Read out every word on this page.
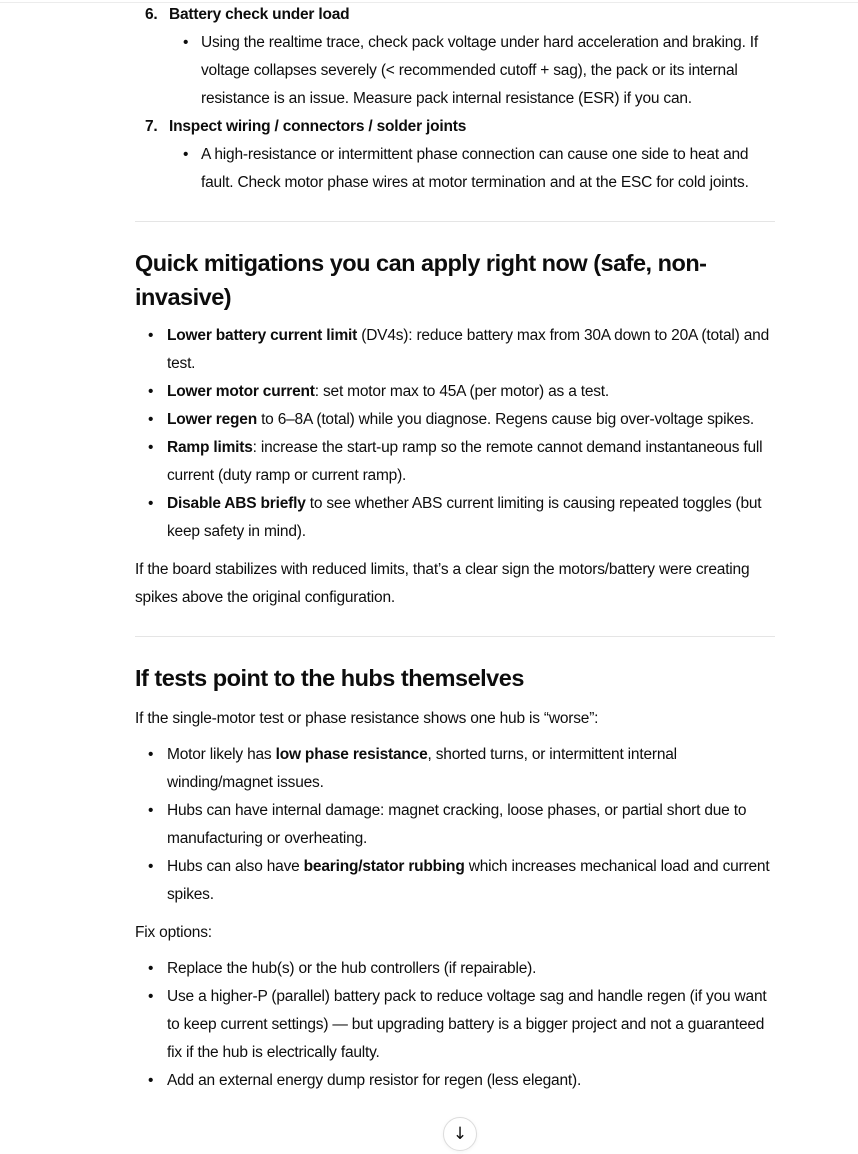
6. Battery check under load
• Using the realtime trace, check pack voltage under hard acceleration and braking. If voltage collapses severely (< recommended cutoff + sag), the pack or its internal resistance is an issue. Measure pack internal resistance (ESR) if you can.
7. Inspect wiring / connectors / solder joints
• A high-resistance or intermittent phase connection can cause one side to heat and fault. Check motor phase wires at motor termination and at the ESC for cold joints.
Quick mitigations you can apply right now (safe, non-invasive)
• Lower battery current limit (DV4s): reduce battery max from 30A down to 20A (total) and test.
• Lower motor current: set motor max to 45A (per motor) as a test.
• Lower regen to 6–8A (total) while you diagnose. Regens cause big over-voltage spikes.
• Ramp limits: increase the start-up ramp so the remote cannot demand instantaneous full current (duty ramp or current ramp).
• Disable ABS briefly to see whether ABS current limiting is causing repeated toggles (but keep safety in mind).

If the board stabilizes with reduced limits, that’s a clear sign the motors/battery were creating spikes above the original configuration.

If tests point to the hubs themselves

If the single-motor test or phase resistance shows one hub is “worse”:

• Motor likely has low phase resistance, shorted turns, or intermittent internal winding/magnet issues.
• Hubs can have internal damage: magnet cracking, loose phases, or partial short due to manufacturing or overheating.
• Hubs can also have bearing/stator rubbing which increases mechanical load and current spikes.

Fix options:

• Replace the hub(s) or the hub controllers (if repairable).
• Use a higher-P (parallel) battery pack to reduce voltage sag and handle regen (if you want to keep current settings) — but upgrading battery is a bigger project and not a guaranteed fix if the hub is electrically faulty.
• Add an external energy dump resistor for regen (less elegant).
↓
